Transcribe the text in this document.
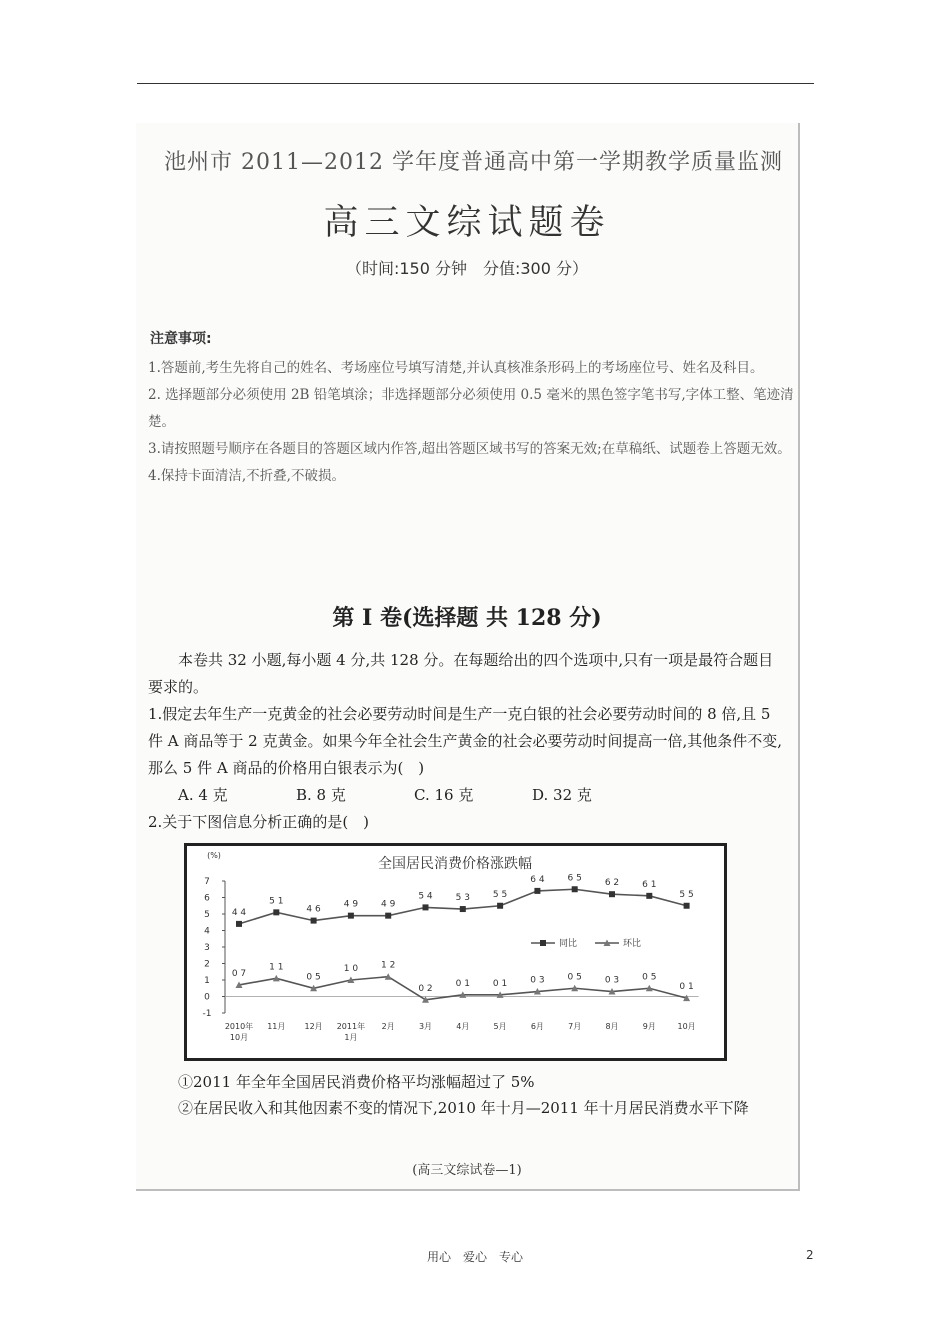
池州市 2011—2012 学年度普通高中第一学期教学质量监测
高三文综试题卷
（时间:150 分钟　分值:300 分）
注意事项:

1.答题前,考生先将自己的姓名、考场座位号填写清楚,并认真核准条形码上的考场座位号、姓名及科目。

2. 选择题部分必须使用 2B 铅笔填涂；非选择题部分必须使用 0.5 毫米的黑色签字笔书写,字体工整、笔迹清楚。

3.请按照题号顺序在各题目的答题区域内作答,超出答题区域书写的答案无效;在草稿纸、试题卷上答题无效。

4.保持卡面清洁,不折叠,不破损。

第 I 卷(选择题 共 128 分)

本卷共 32 小题,每小题 4 分,共 128 分。在每题给出的四个选项中,只有一项是最符合题目要求的。

1.假定去年生产一克黄金的社会必要劳动时间是生产一克白银的社会必要劳动时间的 8 倍,且 5 件 A 商品等于 2 克黄金。如果今年全社会生产黄金的社会必要劳动时间提高一倍,其他条件不变,那么 5 件 A 商品的价格用白银表示为(　)

A. 4 克	B. 8 克	C. 16 克	D. 32 克

2.关于下图信息分析正确的是(　)

全国居民消费价格涨跌幅
(%)
-1
0
1
2
3
4
5
6
7
2010年
10月
11月 12月 2011年
1月
2月	3月	4月	5月	6月	7月	8月	9月	10月
4 4
5 1
4 6	4 9	4 9
5 4	5 3	5 5
6 4	6 5	6 2	6 1
5 5
0 7
1 1
0 5
1 0	1 2
0 2	0 1	0 1	0 3	0 5	0 3	0 5
0 1
同比	环比

①2011 年全年全国居民消费价格平均涨幅超过了 5%

②在居民收入和其他因素不变的情况下,2010 年十月—2011 年十月居民消费水平下降

(高三文综试卷—1)
用心　爱心　专心	2
